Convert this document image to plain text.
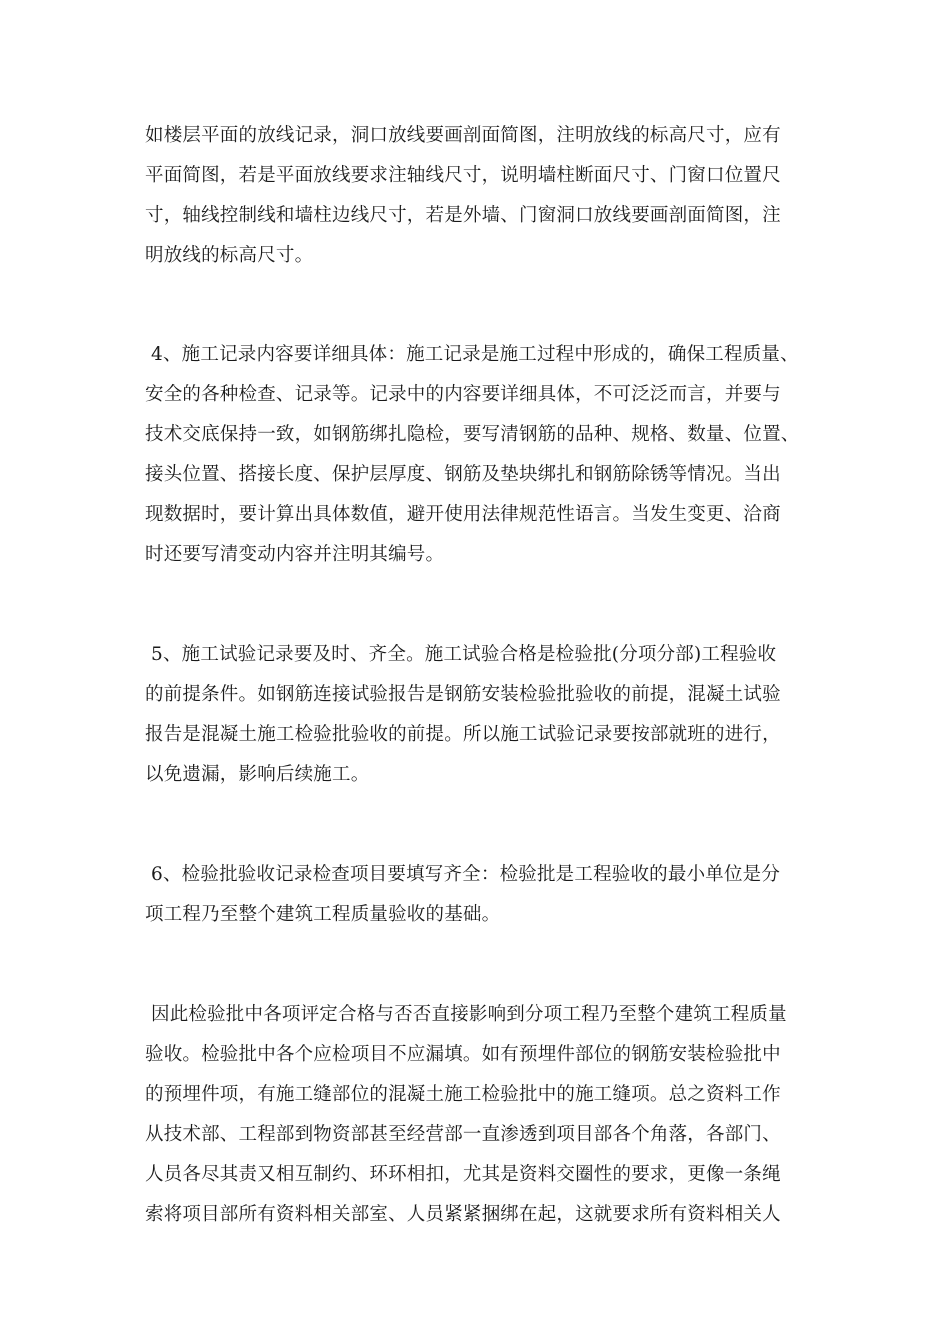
如楼层平面的放线记录，洞口放线要画剖面简图，注明放线的标高尺寸，应有
平面简图，若是平面放线要求注轴线尺寸，说明墙柱断面尺寸、门窗口位置尺
寸，轴线控制线和墙柱边线尺寸，若是外墙、门窗洞口放线要画剖面简图，注
明放线的标高尺寸。
4、施工记录内容要详细具体：施工记录是施工过程中形成的，确保工程质量、
安全的各种检查、记录等。记录中的内容要详细具体，不可泛泛而言，并要与
技术交底保持一致，如钢筋绑扎隐检，要写清钢筋的品种、规格、数量、位置、
接头位置、搭接长度、保护层厚度、钢筋及垫块绑扎和钢筋除锈等情况。当出
现数据时，要计算出具体数值，避开使用法律规范性语言。当发生变更、洽商
时还要写清变动内容并注明其编号。
5、施工试验记录要及时、齐全。施工试验合格是检验批(分项分部)工程验收
的前提条件。如钢筋连接试验报告是钢筋安装检验批验收的前提，混凝土试验
报告是混凝土施工检验批验收的前提。所以施工试验记录要按部就班的进行，
以免遗漏，影响后续施工。
6、检验批验收记录检查项目要填写齐全：检验批是工程验收的最小单位是分
项工程乃至整个建筑工程质量验收的基础。
因此检验批中各项评定合格与否否直接影响到分项工程乃至整个建筑工程质量
验收。检验批中各个应检项目不应漏填。如有预埋件部位的钢筋安装检验批中
的预埋件项，有施工缝部位的混凝土施工检验批中的施工缝项。总之资料工作
从技术部、工程部到物资部甚至经营部一直渗透到项目部各个角落，各部门、
人员各尽其责又相互制约、环环相扣，尤其是资料交圈性的要求，更像一条绳
索将项目部所有资料相关部室、人员紧紧捆绑在起，这就要求所有资料相关人
